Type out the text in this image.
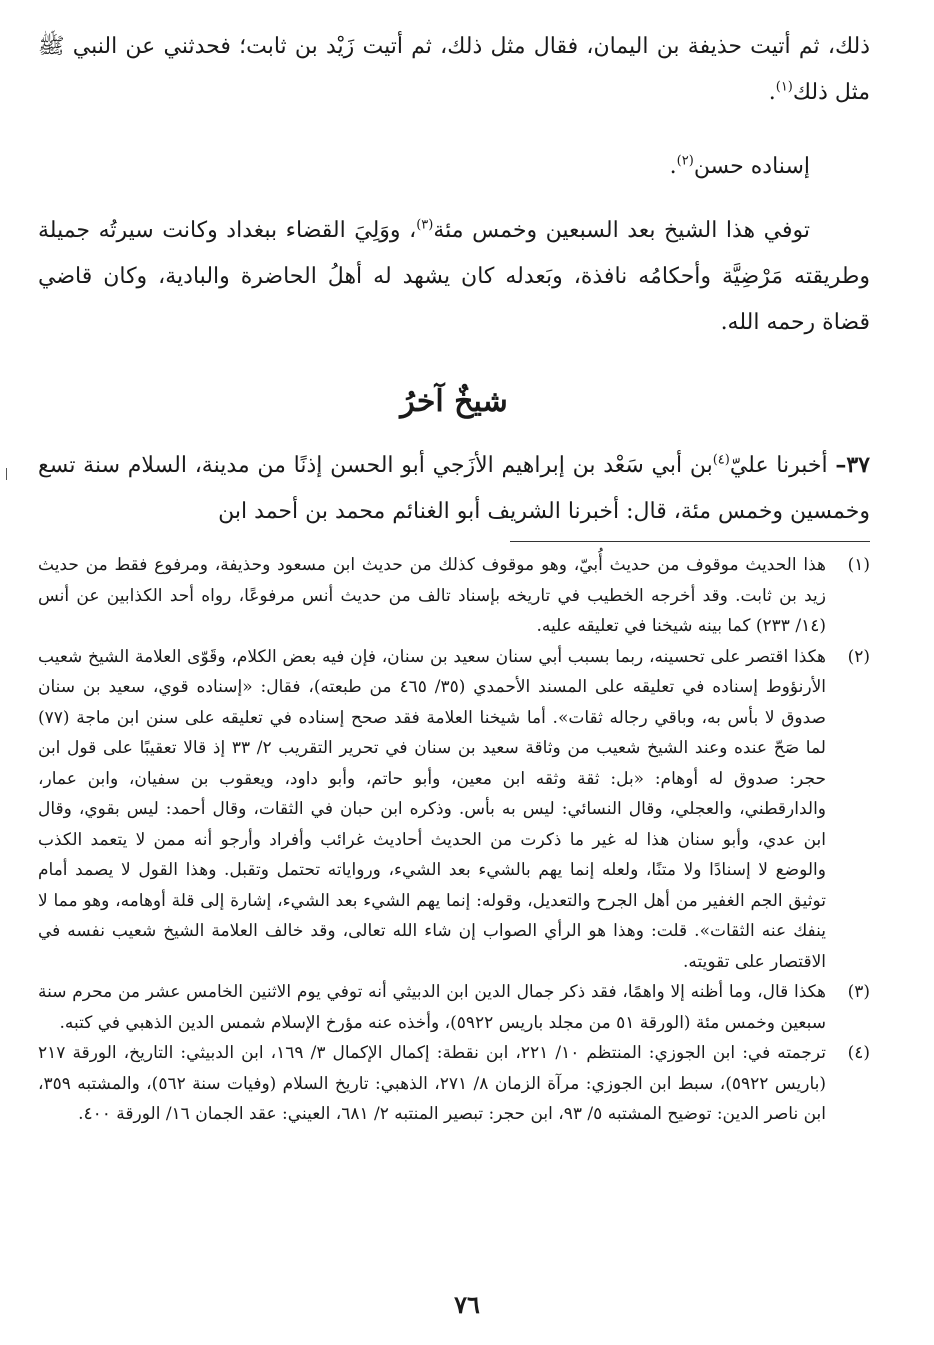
ذلك، ثم أتيت حذيفة بن اليمان، فقال مثل ذلك، ثم أتيت زَيْد بن ثابت؛ فحدثني عن النبي ﷺ مثل ذلك$^{(١)}$.

إسناده حسن$^{(٢)}$.

توفي هذا الشيخ بعد السبعين وخمس مئة$^{(٣)}$، ووَلِيَ القضاء ببغداد وكانت سيرتُه جميلة وطريقته مَرْضِيَّة وأحكامُه نافذة، وبَعدله كان يشهد له أهلُ الحاضرة والبادية، وكان قاضي قضاة رحمه الله.

شيخٌ آخرُ

٣٧– أخبرنا عليّ$^{(٤)}$بن أبي سَعْد بن إبراهيم الأزَجي أبو الحسن إذنًا من مدينة، السلام سنة تسع وخمسين وخمس مئة، قال: أخبرنا الشريف أبو الغنائم محمد بن أحمد ابن

(١)
هذا الحديث موقوف من حديث أُبيّ، وهو موقوف كذلك من حديث ابن مسعود وحذيفة، ومرفوع فقط من حديث زيد بن ثابت. وقد أخرجه الخطيب في تاريخه بإسناد تالف من حديث أنس مرفوعًا، رواه أحد الكذابين عن أنس (١٤/ ٢٣٣) كما بينه شيخنا في تعليقه عليه.
(٢)
هكذا اقتصر على تحسينه، ربما بسبب أبي سنان سعيد بن سنان، فإن فيه بعض الكلام، وقَوّى العلامة الشيخ شعيب الأرنؤوط إسناده في تعليقه على المسند الأحمدي (٣٥/ ٤٦٥ من طبعته)، فقال: «إسناده قوي، سعيد بن سنان صدوق لا بأس به، وباقي رجاله ثقات». أما شيخنا العلامة فقد صحح إسناده في تعليقه على سنن ابن ماجة (٧٧) لما صَحّ عنده وعند الشيخ شعيب من وثاقة سعيد بن سنان في تحرير التقريب ٢/ ٣٣ إذ قالا تعقيبًا على قول ابن حجر: صدوق له أوهام: «بل: ثقة وثقه ابن معين، وأبو حاتم، وأبو داود، ويعقوب بن سفيان، وابن عمار، والدارقطني، والعجلي، وقال النسائي: ليس به بأس. وذكره ابن حبان في الثقات، وقال أحمد: ليس بقوي، وقال ابن عدي، وأبو سنان هذا له غير ما ذكرت من الحديث أحاديث غرائب وأفراد وأرجو أنه ممن لا يتعمد الكذب والوضع لا إسنادًا ولا متنًا، ولعله إنما يهم بالشيء بعد الشيء، ورواياته تحتمل وتقبل. وهذا القول لا يصمد أمام توثيق الجم الغفير من أهل الجرح والتعديل، وقوله: إنما يهم الشيء بعد الشيء، إشارة إلى قلة أوهامه، وهو مما لا ينفك عنه الثقات». قلت: وهذا هو الرأي الصواب إن شاء الله تعالى، وقد خالف العلامة الشيخ شعيب نفسه في الاقتصار على تقويته.
(٣)
هكذا قال، وما أظنه إلا واهمًا، فقد ذكر جمال الدين ابن الدبيثي أنه توفي يوم الاثنين الخامس عشر من محرم سنة سبعين وخمس مئة (الورقة ٥١ من مجلد باريس ٥٩٢٢)، وأخذه عنه مؤرخ الإسلام شمس الدين الذهبي في كتبه.
(٤)
ترجمته في: ابن الجوزي: المنتظم ١٠/ ٢٢١، ابن نقطة: إكمال الإكمال ٣/ ١٦٩، ابن الدبيثي: التاريخ، الورقة ٢١٧ (باريس ٥٩٢٢)، سبط ابن الجوزي: مرآة الزمان ٨/ ٢٧١، الذهبي: تاريخ السلام (وفيات سنة ٥٦٢)، والمشتبه ٣٥٩، ابن ناصر الدين: توضيح المشتبه ٥/ ٩٣، ابن حجر: تبصير المنتبه ٢/ ٦٨١، العيني: عقد الجمان ١٦/ الورقة ٤٠٠.
٧٦
